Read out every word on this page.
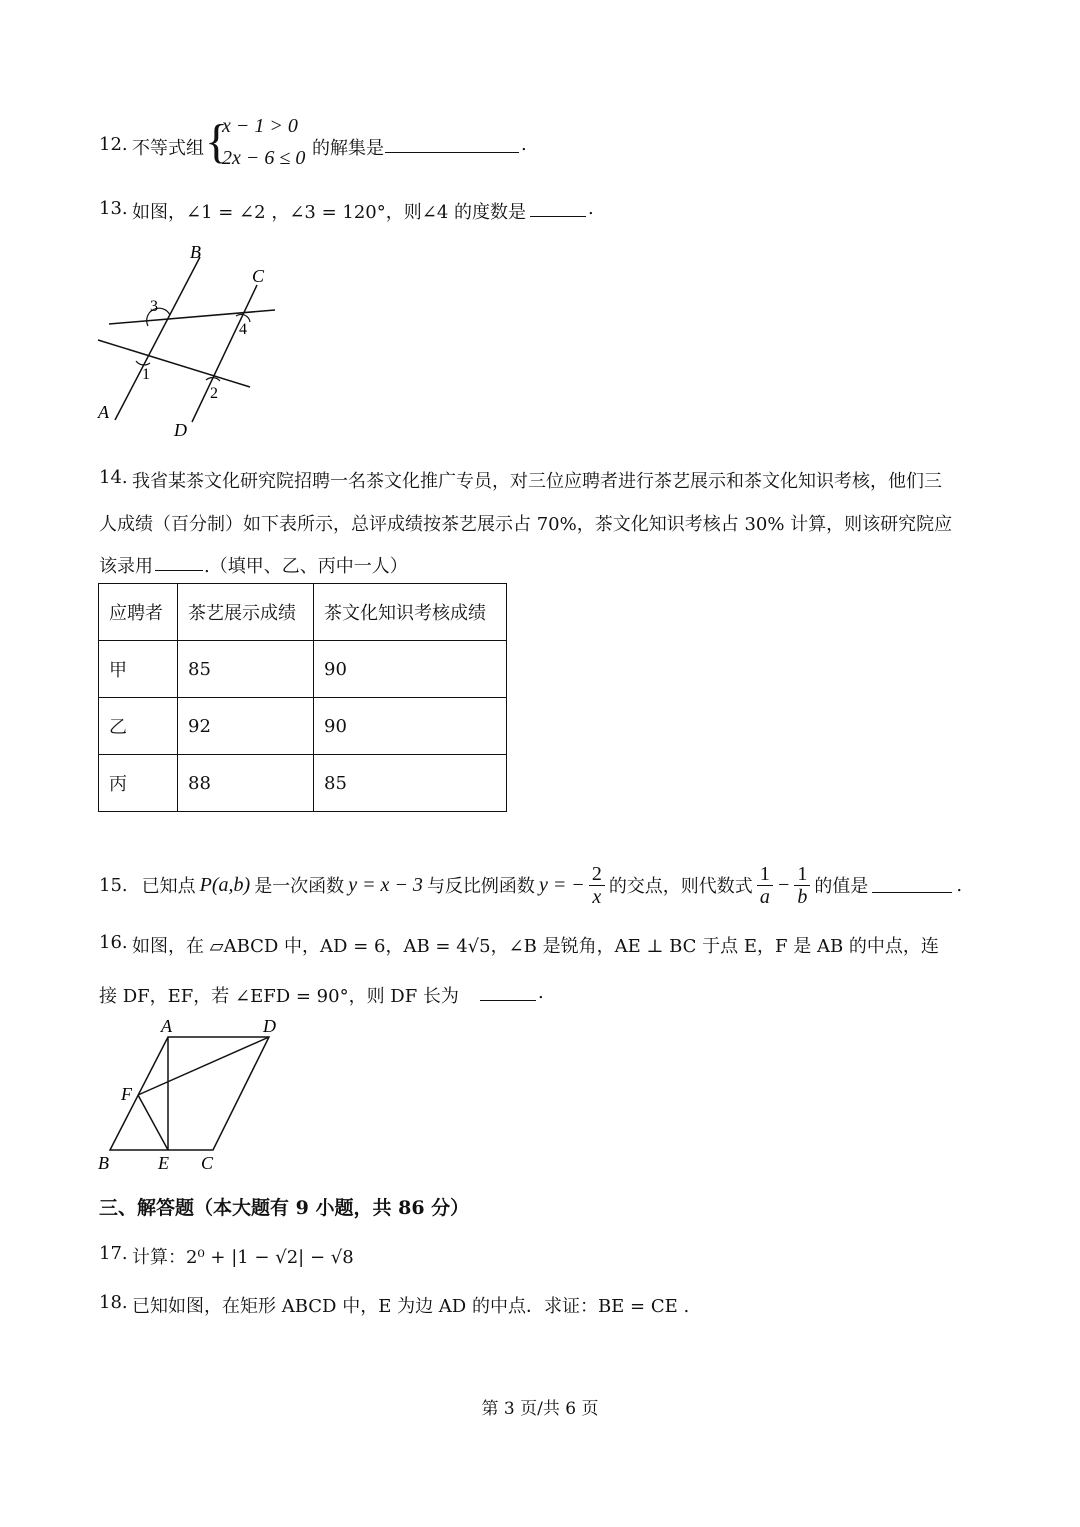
12. 不等式组 {
x − 1 > 0
2x − 6 ≤ 0 的解集是	.
13. 如图，∠1 = ∠2 ，∠3 = 120°，则∠4 的度数是	.
B
C
A
D
1
2
3
4
14. 我省某茶文化研究院招聘一名茶文化推广专员，对三位应聘者进行茶艺展示和茶文化知识考核，他们三
人成绩（百分制）如下表所示，总评成绩按茶艺展示占 70%，茶文化知识考核占 30% 计算，则该研究院应
该录用	.（填甲、乙、丙中一人）
应聘者	茶艺展示成绩	茶文化知识考核成绩
甲	85	90
乙	92	90
丙	88	85
15. 已知点 P(a,b) 是一次函数 y = x − 3 与反比例函数 y = − $\frac{2}{x}$ 的交点，则代数式 $\frac{1}{a} - \frac{1}{b}$ 的值是	.
16. 如图，在 ▱ABCD 中，AD = 6，AB = 4√5，∠B 是锐角，AE ⊥ BC 于点 E，F 是 AB 的中点，连
接 DF，EF，若 ∠EFD = 90°，则 DF 长为	.
A	D
F
B	E C
三、解答题（本大题有 9 小题，共 86 分）
17. 计算：2⁰ + |1 − √2| − √8
18. 已知如图，在矩形 ABCD 中，E 为边 AD 的中点．求证：BE = CE .
第 3 页/共 6 页
